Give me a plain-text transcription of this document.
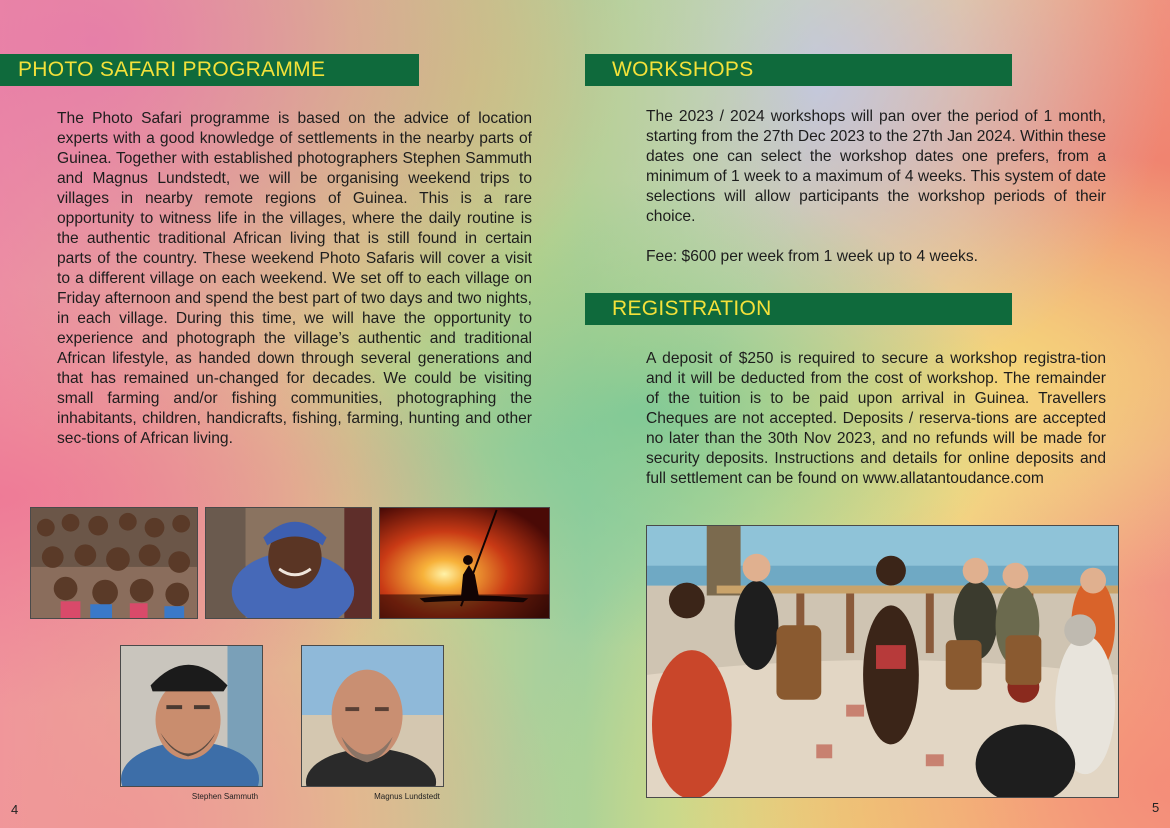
PHOTO SAFARI PROGRAMME

The Photo Safari programme is based on the advice of location experts with a good knowledge of settlements in the nearby parts of Guinea. Together with established photographers Stephen Sammuth and Magnus Lundstedt, we will be organising weekend trips to villages in nearby remote regions of Guinea. This is a rare opportunity to witness life in the villages, where the daily routine is the authentic traditional African living that is still found in certain parts of the country. These weekend Photo Safaris will cover a visit to a different village on each weekend. We set off to each village on Friday afternoon and spend the best part of two days and two nights, in each village. During this time, we will have the opportunity to experience and photograph the village’s authentic and traditional African lifestyle, as handed down through several generations and that has remained un-changed for decades. We could be visiting small farming and/or fishing communities, photographing the inhabitants, children, handicrafts, fishing, farming, hunting and other sec-tions of African living.

Stephen Sammuth	Magnus Lundstedt
4
WORKSHOPS

The 2023 / 2024 workshops will pan over the period of 1 month, starting from the 27th Dec 2023 to the 27th Jan 2024. Within these dates one can select the workshop dates one prefers, from a minimum of 1 week to a maximum of 4 weeks. This system of date selections will allow participants the workshop periods of their choice.

Fee: $600 per week from 1 week up to 4 weeks.

REGISTRATION

A deposit of $250 is required to secure a workshop registra-tion and it will be deducted from the cost of workshop. The remainder of the tuition is to be paid upon arrival in Guinea. Travellers Cheques are not accepted. Deposits / reserva-tions are accepted no later than the 30th Nov 2023, and no refunds will be made for security deposits. Instructions and details for online deposits and full settlement can be found on www.allatantoudance.com

5
